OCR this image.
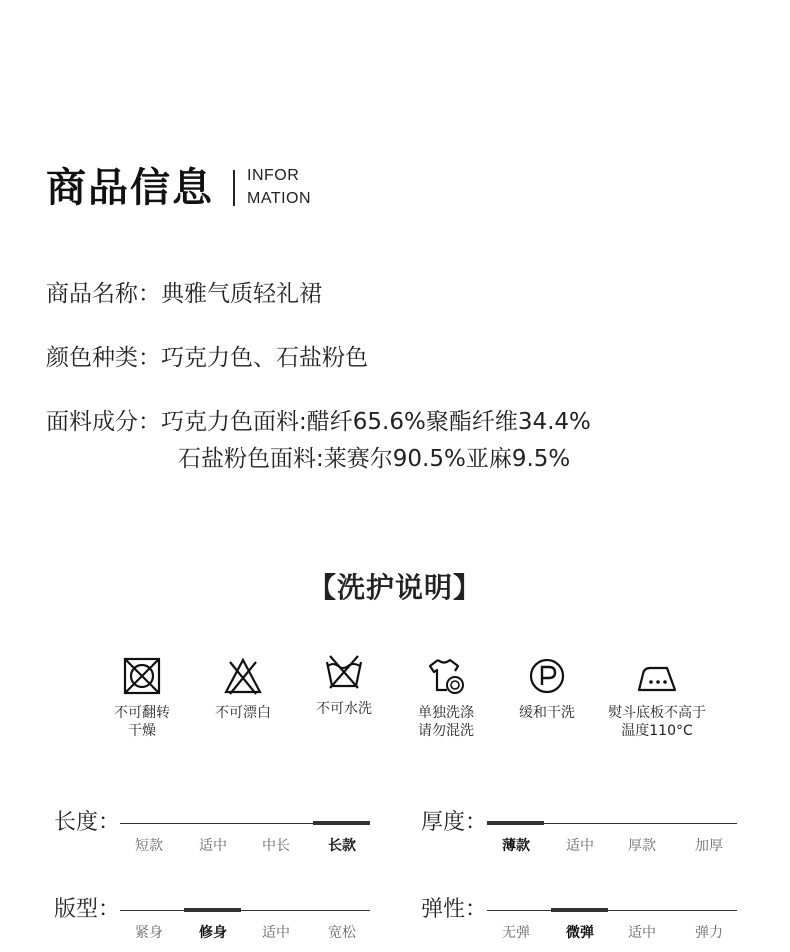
商品信息 INFOR
MATION
商品名称：典雅气质轻礼裙
颜色种类：巧克力色、石盐粉色
面料成分：巧克力色面料:醋纤65.6%聚酯纤维34.4%
石盐粉色面料:莱赛尔90.5%亚麻9.5%
【洗护说明】
不可翻转
干燥
不可漂白	不可水洗	单独洗涤
请勿混洗
缓和干洗	熨斗底板不高于
温度110°C
长度：
短款	适中	中长	长款
厚度：
薄款	适中	厚款	加厚
版型：
紧身	修身	适中	宽松
弹性：
无弹	微弹	适中	弹力
